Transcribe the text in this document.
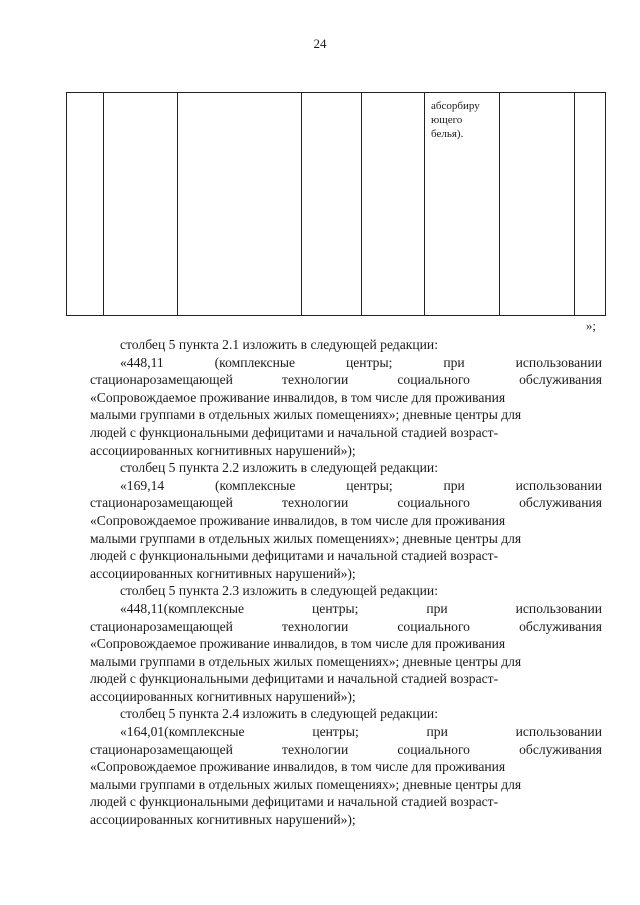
24
абсорбиру
ющего
белья).
»;
столбец 5 пункта 2.1 изложить в следующей редакции:
«448,11	(комплексные	центры;	при	использовании
стационарозамещающей	технологии	социального	обслуживания
«Сопровождаемое проживание инвалидов, в том числе для проживания
малыми группами в отдельных жилых помещениях»; дневные центры для
людей с функциональными дефицитами и начальной стадией возраст-
ассоциированных когнитивных нарушений»);
столбец 5 пункта 2.2 изложить в следующей редакции:
«169,14	(комплексные	центры;	при	использовании
стационарозамещающей	технологии	социального	обслуживания
«Сопровождаемое проживание инвалидов, в том числе для проживания
малыми группами в отдельных жилых помещениях»; дневные центры для
людей с функциональными дефицитами и начальной стадией возраст-
ассоциированных когнитивных нарушений»);
столбец 5 пункта 2.3 изложить в следующей редакции:
«448,11(комплексные	центры;	при	использовании
стационарозамещающей	технологии	социального	обслуживания
«Сопровождаемое проживание инвалидов, в том числе для проживания
малыми группами в отдельных жилых помещениях»; дневные центры для
людей с функциональными дефицитами и начальной стадией возраст-
ассоциированных когнитивных нарушений»);
столбец 5 пункта 2.4 изложить в следующей редакции:
«164,01(комплексные	центры;	при	использовании
стационарозамещающей	технологии	социального	обслуживания
«Сопровождаемое проживание инвалидов, в том числе для проживания
малыми группами в отдельных жилых помещениях»; дневные центры для
людей с функциональными дефицитами и начальной стадией возраст-
ассоциированных когнитивных нарушений»);
